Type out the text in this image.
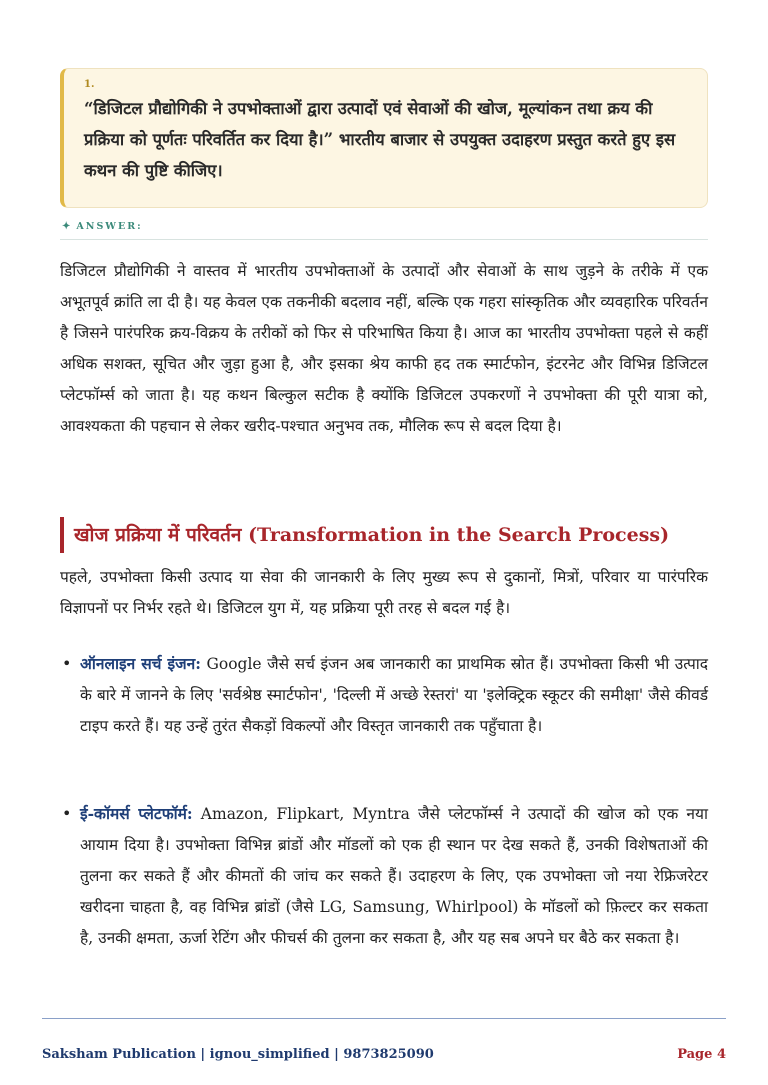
1.
“डिजिटल प्रौद्योगिकी ने उपभोक्ताओं द्वारा उत्पादों एवं सेवाओं की खोज, मूल्यांकन तथा क्रय की प्रक्रिया को पूर्णतः परिवर्तित कर दिया है।” भारतीय बाजार से उपयुक्त उदाहरण प्रस्तुत करते हुए इस कथन की पुष्टि कीजिए।
✦ ANSWER:
डिजिटल प्रौद्योगिकी ने वास्तव में भारतीय उपभोक्ताओं के उत्पादों और सेवाओं के साथ जुड़ने के तरीके में एक अभूतपूर्व क्रांति ला दी है। यह केवल एक तकनीकी बदलाव नहीं, बल्कि एक गहरा सांस्कृतिक और व्यवहारिक परिवर्तन है जिसने पारंपरिक क्रय-विक्रय के तरीकों को फिर से परिभाषित किया है। आज का भारतीय उपभोक्ता पहले से कहीं अधिक सशक्त, सूचित और जुड़ा हुआ है, और इसका श्रेय काफी हद तक स्मार्टफोन, इंटरनेट और विभिन्न डिजिटल प्लेटफॉर्म्स को जाता है। यह कथन बिल्कुल सटीक है क्योंकि डिजिटल उपकरणों ने उपभोक्ता की पूरी यात्रा को, आवश्यकता की पहचान से लेकर खरीद-पश्चात अनुभव तक, मौलिक रूप से बदल दिया है।
खोज प्रक्रिया में परिवर्तन (Transformation in the Search Process)
पहले, उपभोक्ता किसी उत्पाद या सेवा की जानकारी के लिए मुख्य रूप से दुकानों, मित्रों, परिवार या पारंपरिक विज्ञापनों पर निर्भर रहते थे। डिजिटल युग में, यह प्रक्रिया पूरी तरह से बदल गई है।
• ऑनलाइन सर्च इंजन: Google जैसे सर्च इंजन अब जानकारी का प्राथमिक स्रोत हैं। उपभोक्ता किसी भी उत्पाद के बारे में जानने के लिए 'सर्वश्रेष्ठ स्मार्टफोन', 'दिल्ली में अच्छे रेस्तरां' या 'इलेक्ट्रिक स्कूटर की समीक्षा' जैसे कीवर्ड टाइप करते हैं। यह उन्हें तुरंत सैकड़ों विकल्पों और विस्तृत जानकारी तक पहुँचाता है।
• ई-कॉमर्स प्लेटफॉर्म: Amazon, Flipkart, Myntra जैसे प्लेटफॉर्म्स ने उत्पादों की खोज को एक नया आयाम दिया है। उपभोक्ता विभिन्न ब्रांडों और मॉडलों को एक ही स्थान पर देख सकते हैं, उनकी विशेषताओं की तुलना कर सकते हैं और कीमतों की जांच कर सकते हैं। उदाहरण के लिए, एक उपभोक्ता जो नया रेफ्रिजरेटर खरीदना चाहता है, वह विभिन्न ब्रांडों (जैसे LG, Samsung, Whirlpool) के मॉडलों को फ़िल्टर कर सकता है, उनकी क्षमता, ऊर्जा रेटिंग और फीचर्स की तुलना कर सकता है, और यह सब अपने घर बैठे कर सकता है।
Saksham Publication | ignou_simplified | 9873825090	Page 4
